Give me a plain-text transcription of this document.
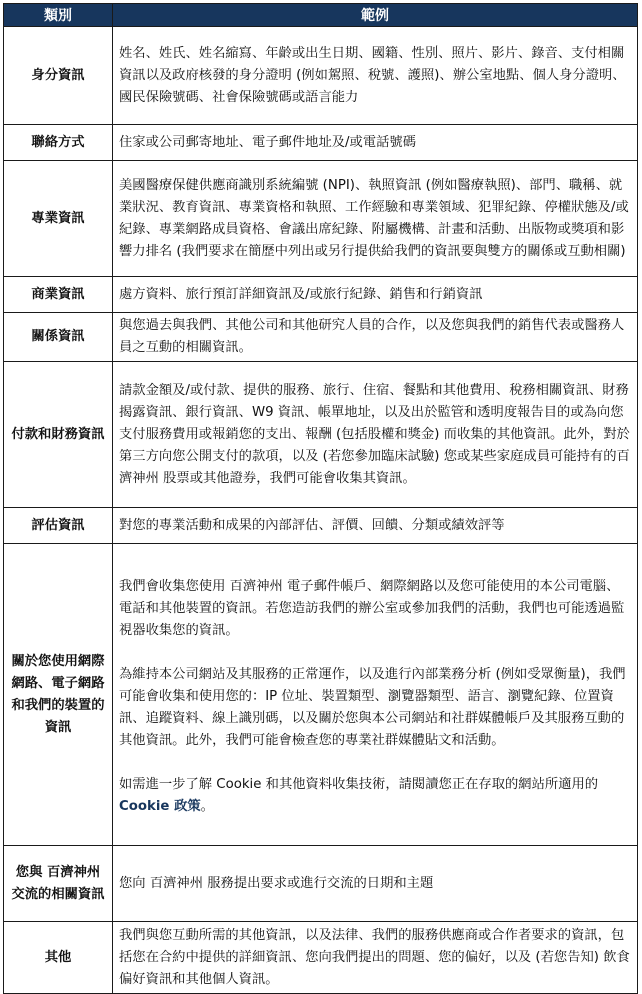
類別	範例
身分資訊	姓名、姓氏、姓名縮寫、年齡或出生日期、國籍、性別、照片、影片、錄音、支付相關資訊以及政府核發的身分證明 (例如駕照、稅號、護照)、辦公室地點、個人身分證明、國民保險號碼、社會保險號碼或語言能力
聯絡方式	住家或公司郵寄地址、電子郵件地址及/或電話號碼
專業資訊	美國醫療保健供應商識別系統編號 (NPI)、執照資訊 (例如醫療執照)、部門、職稱、就業狀況、教育資訊、專業資格和執照、工作經驗和專業領域、犯罪紀錄、停權狀態及/或紀錄、專業網路成員資格、會議出席紀錄、附屬機構、計畫和活動、出版物或獎項和影響力排名 (我們要求在簡歷中列出或另行提供給我們的資訊要與雙方的關係或互動相關)
商業資訊	處方資料、旅行預訂詳細資訊及/或旅行紀錄、銷售和行銷資訊
關係資訊	與您過去與我們、其他公司和其他研究人員的合作，以及您與我們的銷售代表或醫務人員之互動的相關資訊。
付款和財務資訊	請款金額及/或付款、提供的服務、旅行、住宿、餐點和其他費用、稅務相關資訊、財務揭露資訊、銀行資訊、W9 資訊、帳單地址，以及出於監管和透明度報告目的或為向您支付服務費用或報銷您的支出、報酬 (包括股權和獎金) 而收集的其他資訊。此外，對於第三方向您公開支付的款項，以及 (若您參加臨床試驗) 您或某些家庭成員可能持有的百濟神州 股票或其他證券，我們可能會收集其資訊。
評估資訊	對您的專業活動和成果的內部評估、評價、回饋、分類或績效評等
關於您使用網際網路、電子網路和我們的裝置的資訊	我們會收集您使用 百濟神州 電子郵件帳戶、網際網路以及您可能使用的本公司電腦、電話和其他裝置的資訊。若您造訪我們的辦公室或參加我們的活動，我們也可能透過監視器收集您的資訊。
為維持本公司網站及其服務的正常運作，以及進行內部業務分析 (例如受眾衡量)，我們可能會收集和使用您的：IP 位址、裝置類型、瀏覽器類型、語言、瀏覽紀錄、位置資訊、追蹤資料、線上識別碼，以及關於您與本公司網站和社群媒體帳戶及其服務互動的其他資訊。此外，我們可能會檢查您的專業社群媒體貼文和活動。
如需進一步了解 Cookie 和其他資料收集技術，請閱讀您正在存取的網站所適用的 Cookie 政策。

您與 百濟神州 交流的相關資訊	您向 百濟神州 服務提出要求或進行交流的日期和主題
其他	我們與您互動所需的其他資訊，以及法律、我們的服務供應商或合作者要求的資訊，包括您在合約中提供的詳細資訊、您向我們提出的問題、您的偏好，以及 (若您告知) 飲食偏好資訊和其他個人資訊。
